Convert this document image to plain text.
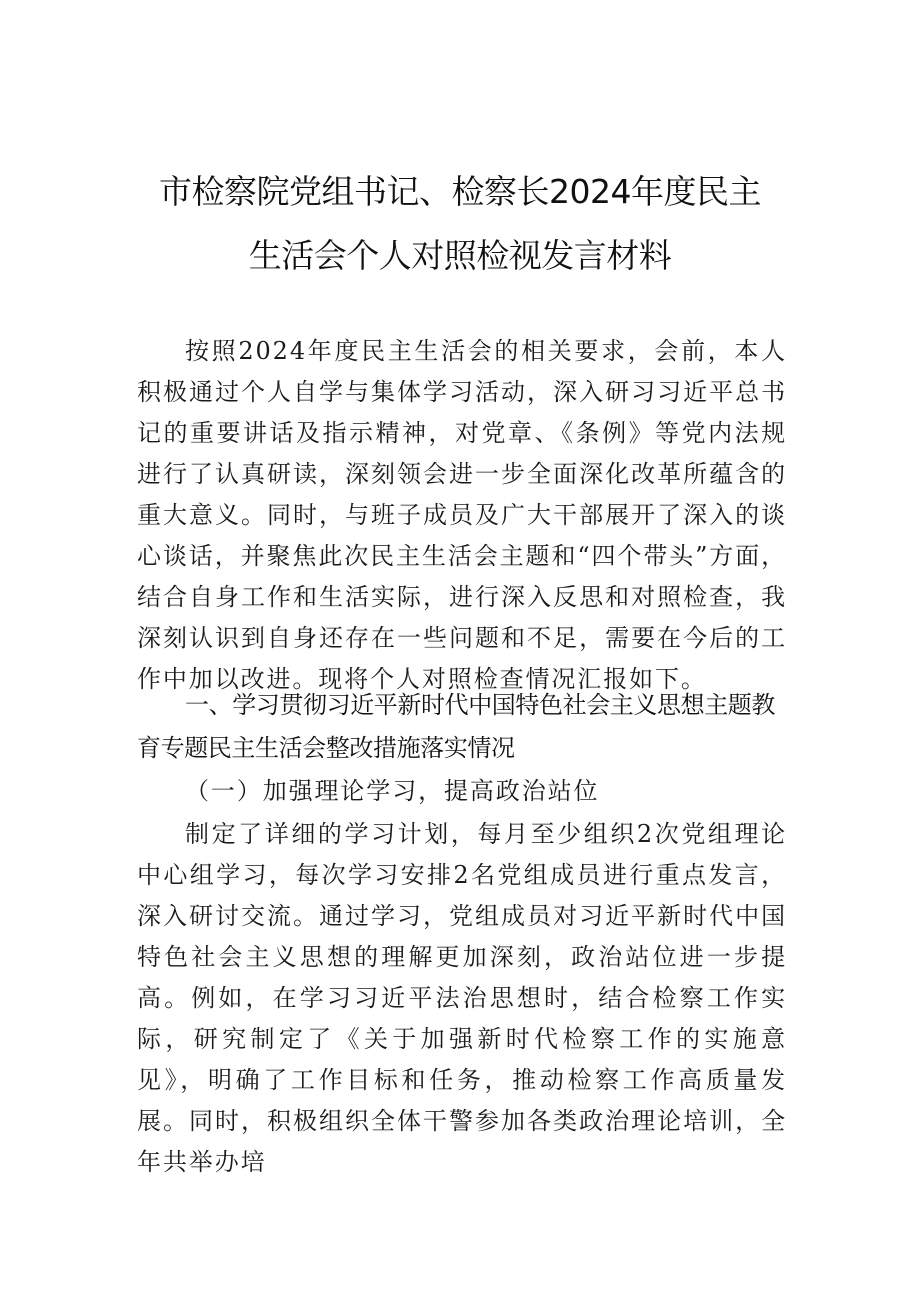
市检察院党组书记、检察长2024年度民主
生活会个人对照检视发言材料
按照2024年度民主生活会的相关要求，会前，本人积极通过个人自学与集体学习活动，深入研习习近平总书记的重要讲话及指示精神，对党章、《条例》等党内法规进行了认真研读，深刻领会进一步全面深化改革所蕴含的重大意义。同时，与班子成员及广大干部展开了深入的谈心谈话，并聚焦此次民主生活会主题和“四个带头”方面，结合自身工作和生活实际，进行深入反思和对照检查，我深刻认识到自身还存在一些问题和不足，需要在今后的工作中加以改进。现将个人对照检查情况汇报如下。
一、学习贯彻习近平新时代中国特色社会主义思想主题教育专题民主生活会整改措施落实情况
（一）加强理论学习，提高政治站位
制定了详细的学习计划，每月至少组织2次党组理论中心组学习，每次学习安排2名党组成员进行重点发言，深入研讨交流。通过学习，党组成员对习近平新时代中国特色社会主义思想的理解更加深刻，政治站位进一步提高。例如，在学习习近平法治思想时，结合检察工作实际，研究制定了《关于加强新时代检察工作的实施意见》，明确了工作目标和任务，推动检察工作高质量发展。同时，积极组织全体干警参加各类政治理论培训，全年共举办培
